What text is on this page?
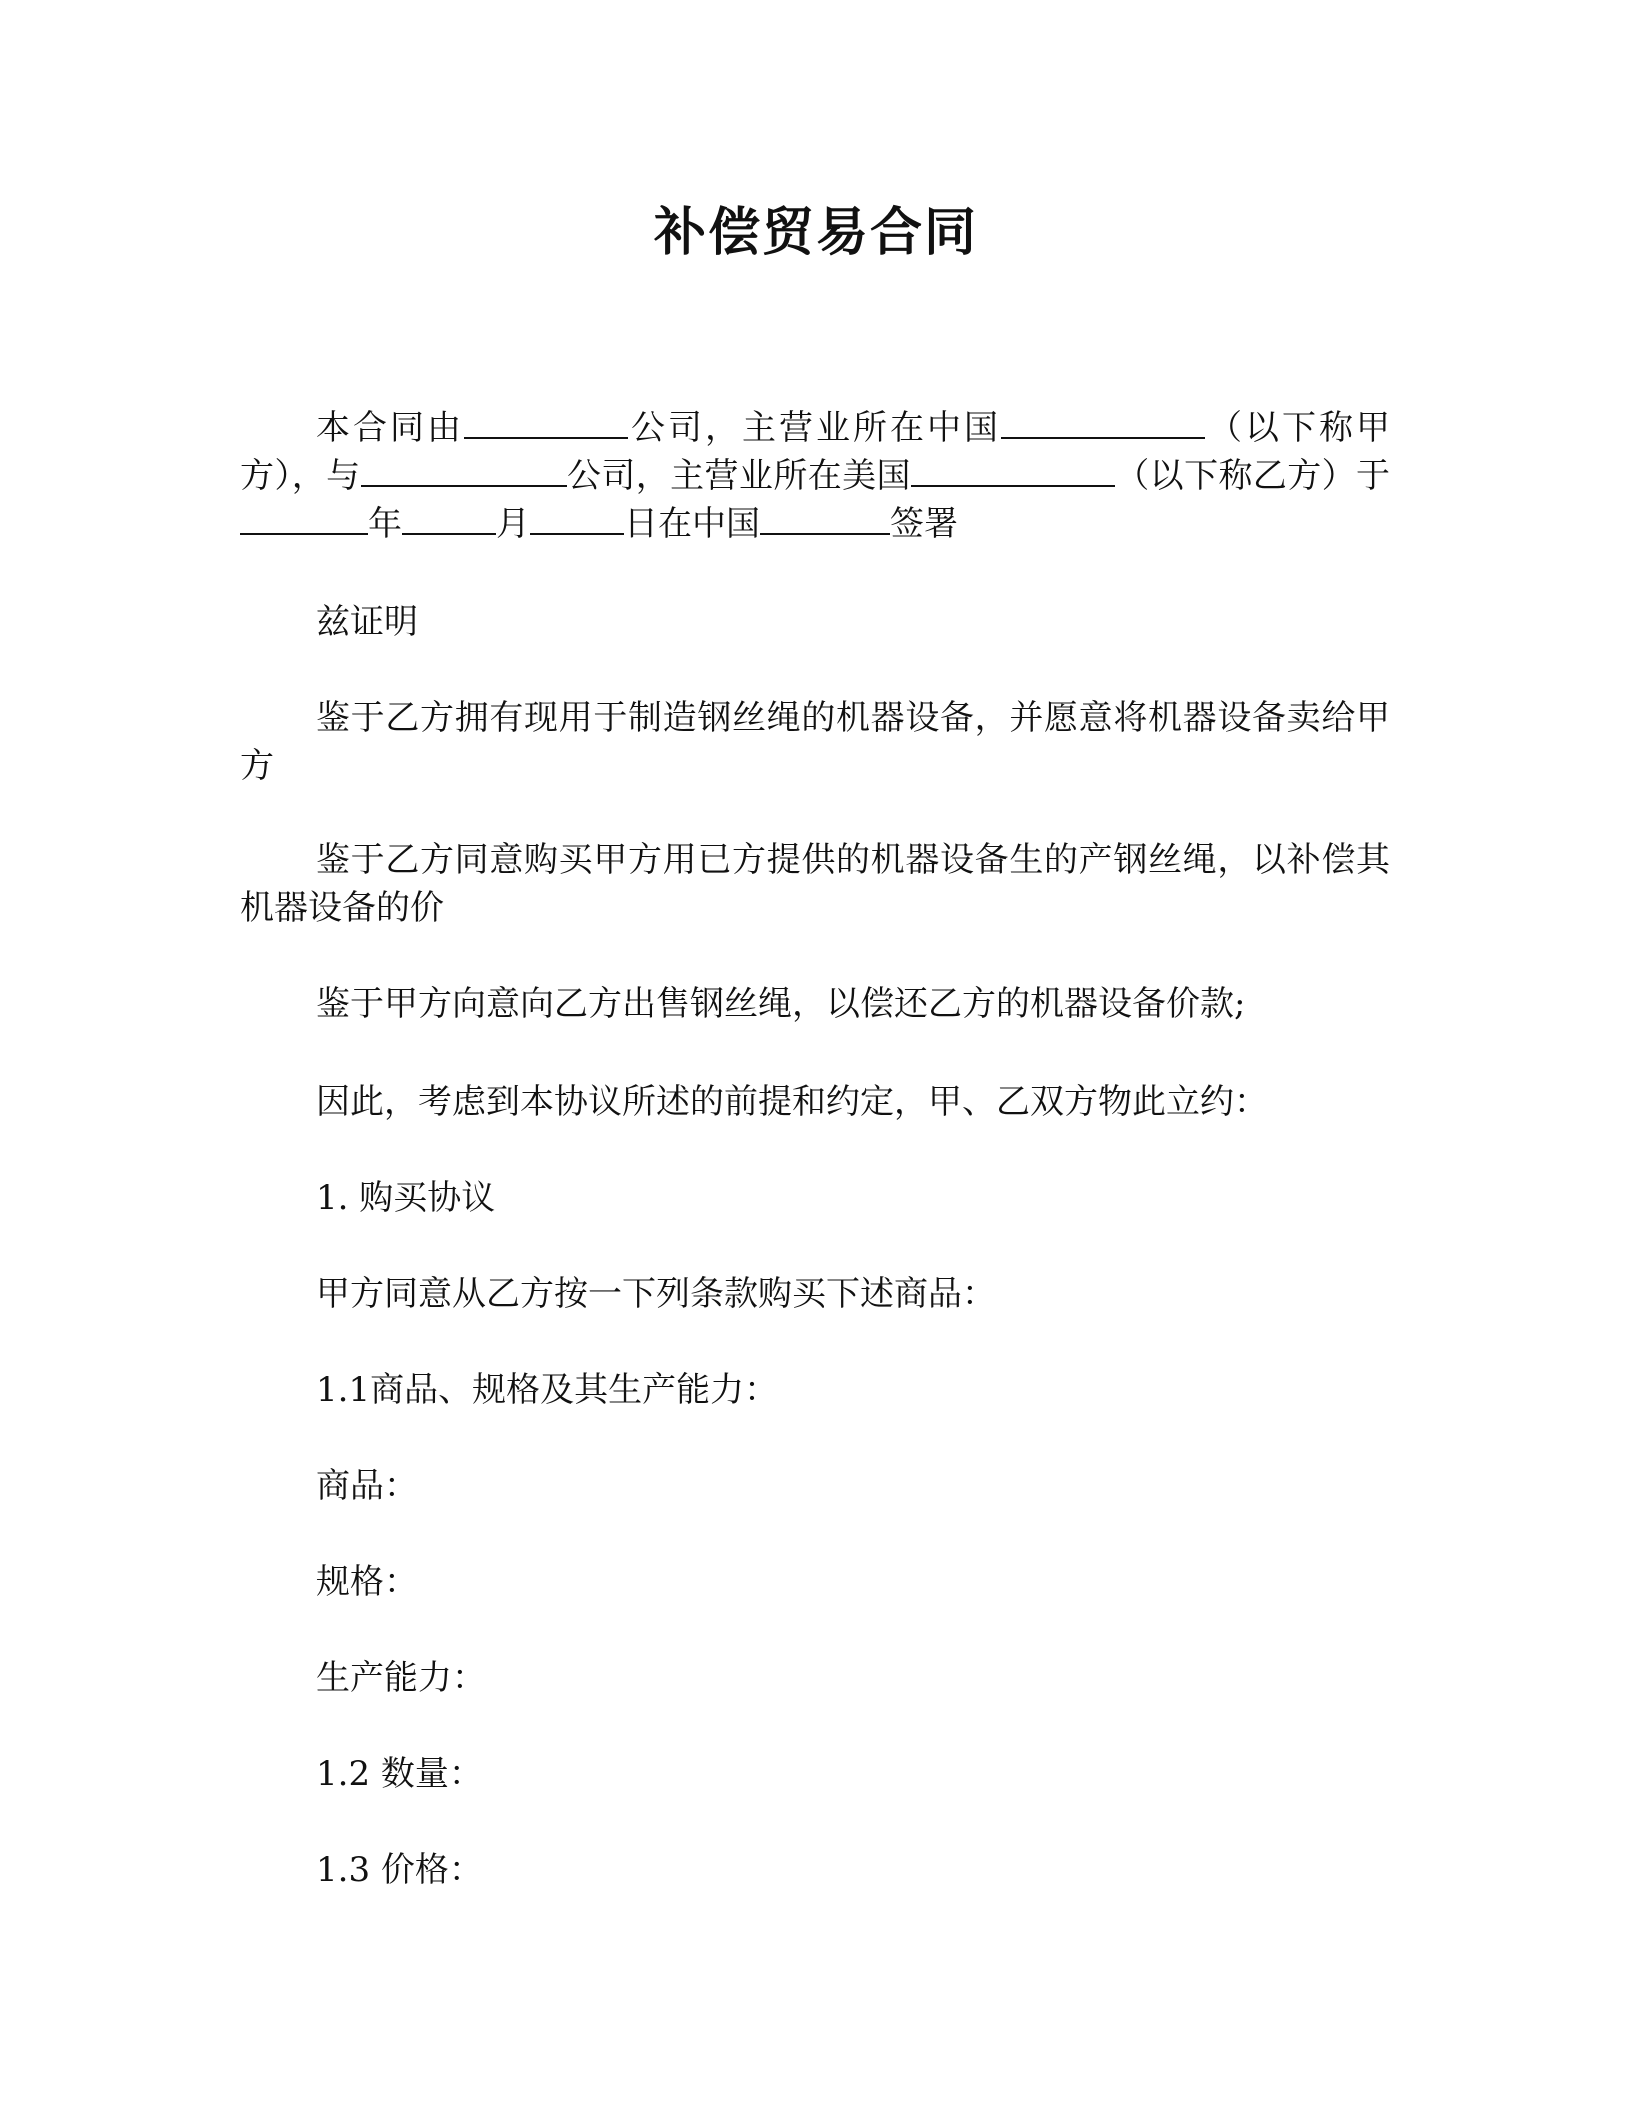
补偿贸易合同
本合同由	公司，主营业所在中国	（以下称甲方），与	公司，主营业所在美国	（以下称乙方）于年	月	日在中国	签署
兹证明
鉴于乙方拥有现用于制造钢丝绳的机器设备，并愿意将机器设备卖给甲方
鉴于乙方同意购买甲方用已方提供的机器设备生的产钢丝绳，以补偿其机器设备的价
鉴于甲方向意向乙方出售钢丝绳，以偿还乙方的机器设备价款;
因此，考虑到本协议所述的前提和约定，甲、乙双方物此立约：
1. 购买协议
甲方同意从乙方按一下列条款购买下述商品：
1.1商品、规格及其生产能力：
商品：
规格：
生产能力：
1.2 数量：
1.3 价格：
